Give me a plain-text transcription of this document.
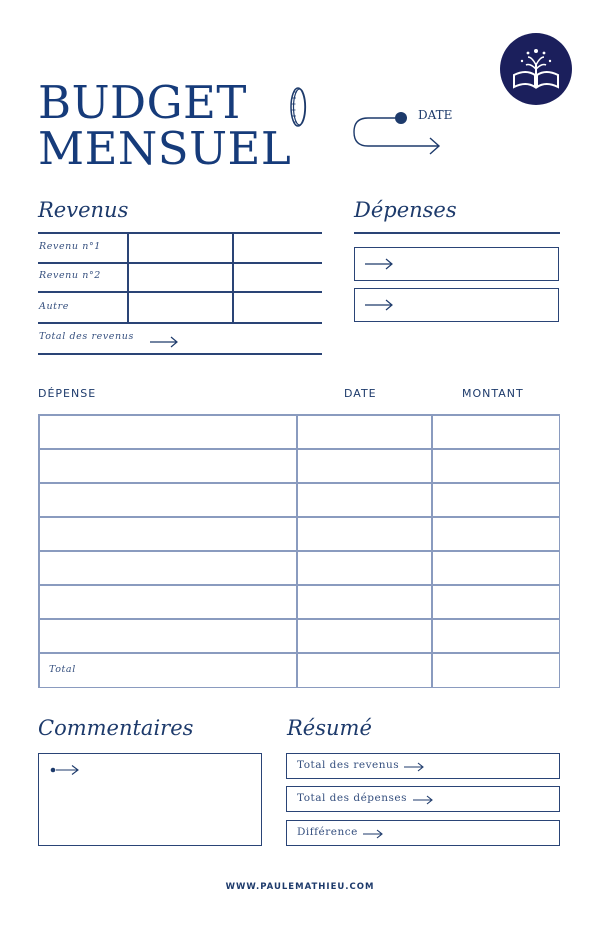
BUDGET
MENSUEL
DATE
Revenus
Revenu n°1
Revenu n°2
Autre
Total des revenus
Dépenses
DÉPENSE	DATE	MONTANT
Total
Commentaires	Résumé
Total des revenus
Total des dépenses
Différence
WWW.PAULEMATHIEU.COM
